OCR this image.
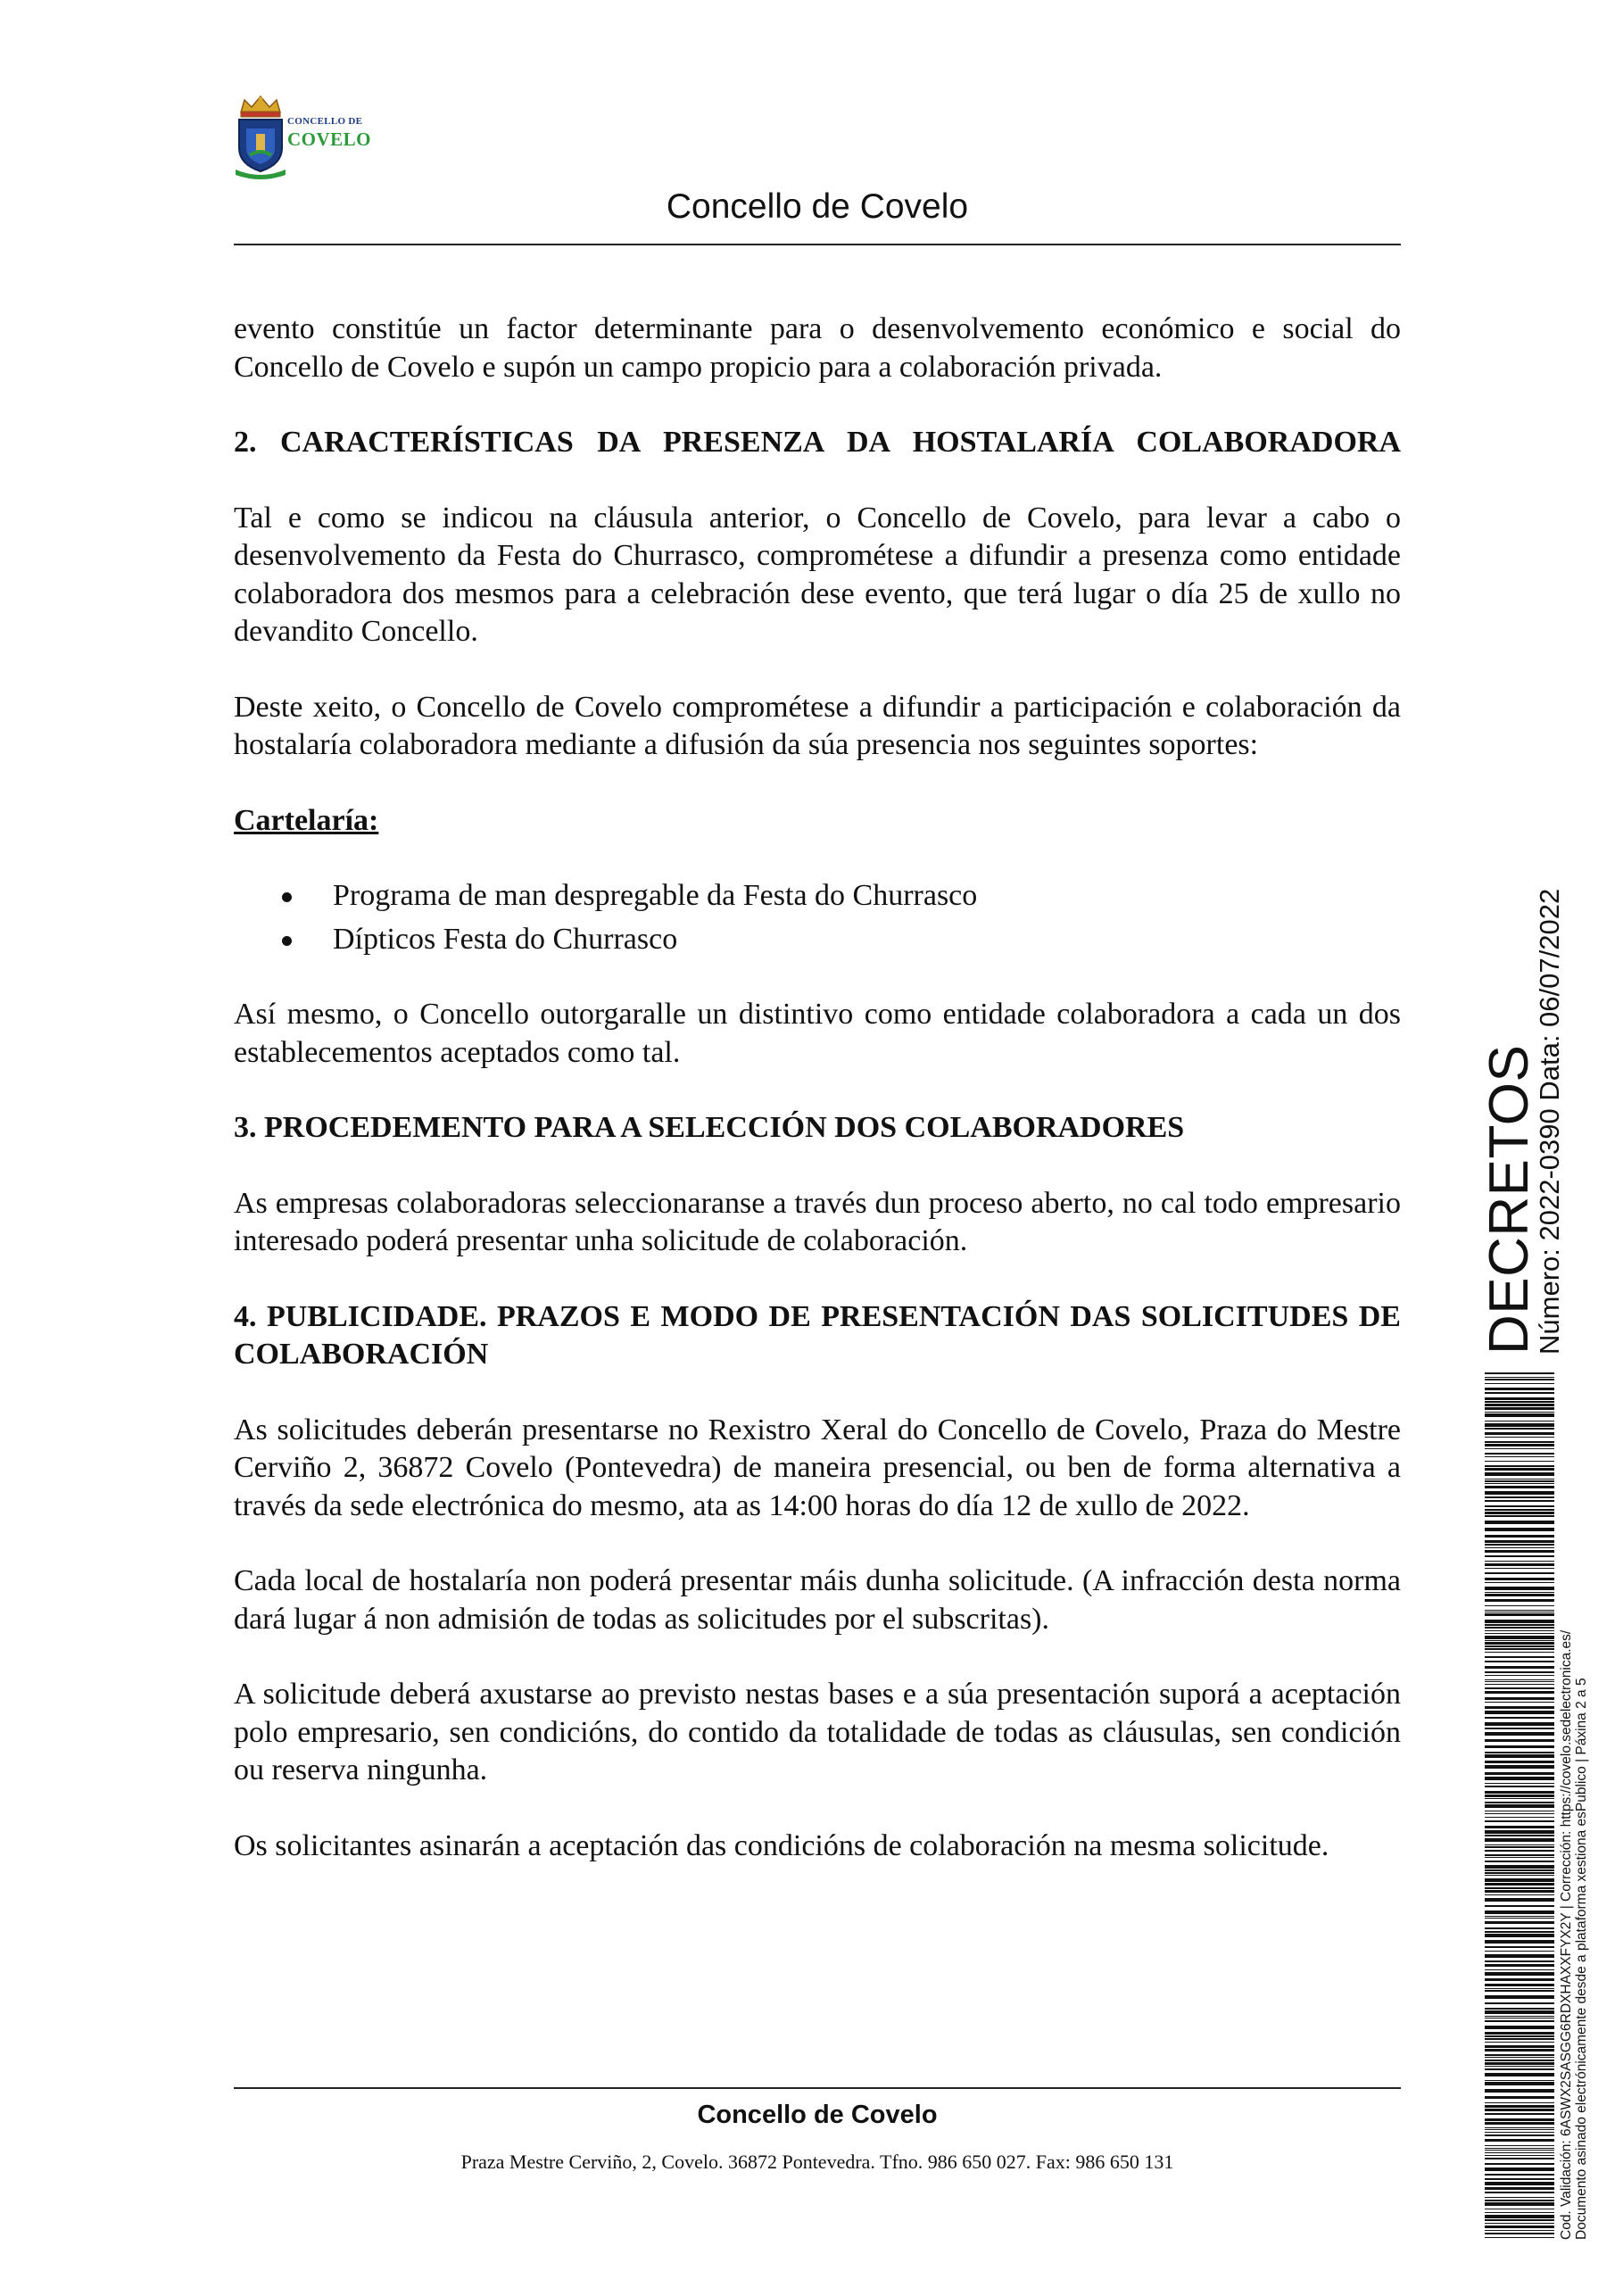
CONCELLO DE
COVELO
Concello de Covelo

evento constitúe un factor determinante para o desenvolvemento económico e social do Concello de Covelo e supón un campo propicio para a colaboración privada.

2. CARACTERÍSTICAS DA PRESENZA DA HOSTALARÍA COLABORADORA

Tal e como se indicou na cláusula anterior, o Concello de Covelo, para levar a cabo o desenvolvemento da Festa do Churrasco, comprométese a difundir a presenza como entidade colaboradora dos mesmos para a celebración dese evento, que terá lugar o día 25 de xullo no devandito Concello.

Deste xeito, o Concello de Covelo comprométese a difundir a participación e colaboración da hostalaría colaboradora mediante a difusión da súa presencia nos seguintes soportes:

Cartelaría:

Programa de man despregable da Festa do Churrasco
Dípticos Festa do Churrasco

Así mesmo, o Concello outorgaralle un distintivo como entidade colaboradora a cada un dos establecementos aceptados como tal.

3. PROCEDEMENTO PARA A SELECCIÓN DOS COLABORADORES

As empresas colaboradoras seleccionaranse a través dun proceso aberto, no cal todo empresario interesado poderá presentar unha solicitude de colaboración.

4. PUBLICIDADE. PRAZOS E MODO DE PRESENTACIÓN DAS SOLICITUDES DE COLABORACIÓN

As solicitudes deberán presentarse no Rexistro Xeral do Concello de Covelo, Praza do Mestre Cerviño 2, 36872 Covelo (Pontevedra) de maneira presencial, ou ben de forma alternativa a través da sede electrónica do mesmo, ata as 14:00 horas do día 12 de xullo de 2022.

Cada local de hostalaría non poderá presentar máis dunha solicitude. (A infracción desta norma dará lugar á non admisión de todas as solicitudes por el subscritas).

A solicitude deberá axustarse ao previsto nestas bases e a súa presentación suporá a aceptación polo empresario, sen condicións, do contido da totalidade de todas as cláusulas, sen condición ou reserva ningunha.

Os solicitantes asinarán a aceptación das condicións de colaboración na mesma solicitude.

Concello de Covelo
Praza Mestre Cerviño, 2, Covelo. 36872 Pontevedra. Tfno. 986 650 027. Fax: 986 650 131
DECRETOS
Número: 2022-0390 Data: 06/07/2022
Cod. Validación: 6ASWX2SASGG6RDXHAXXFYX2Y | Corrección: https://covelo.sedelectronica.es/ Documento asinado electrónicamente desde a plataforma xestiona esPublico | Páxina 2 a 5
